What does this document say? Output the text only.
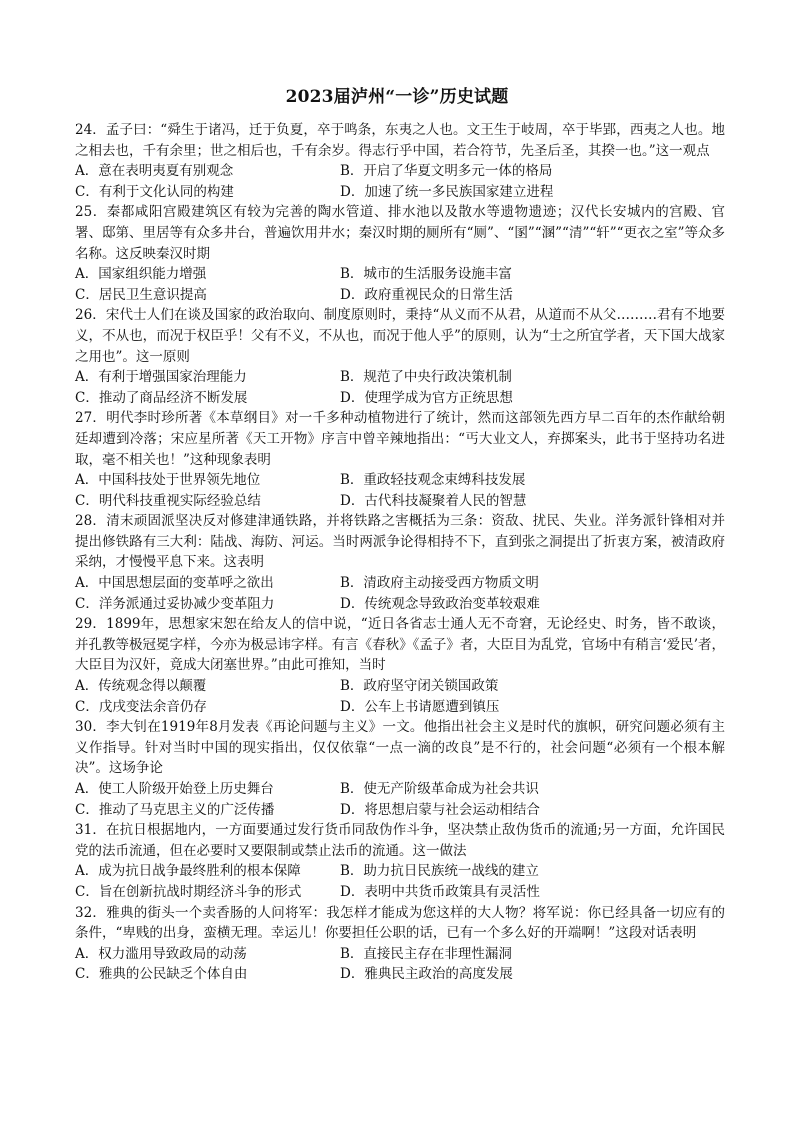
2023届泸州“一诊”历史试题

24．孟子曰：“舜生于诸冯，迁于负夏，卒于鸣条，东夷之人也。文王生于岐周，卒于毕郢，西夷之人也。地之相去也，千有余里；世之相后也，千有余岁。得志行乎中国，若合符节，先圣后圣，其揆一也。”这一观点

A．意在表明夷夏有别观念	B．开启了华夏文明多元一体的格局
C．有利于文化认同的构建	D．加速了统一多民族国家建立进程

25．秦都咸阳宫殿建筑区有较为完善的陶水管道、排水池以及散水等遗物遗迹；汉代长安城内的宫殿、官署、邸第、里居等有众多井台，普遍饮用井水；秦汉时期的厕所有“厕”、“圂”“溷”“清”“轩”“更衣之室”等众多名称。这反映秦汉时期

A．国家组织能力增强	B．城市的生活服务设施丰富
C．居民卫生意识提高	D．政府重视民众的日常生活

26．宋代士人们在谈及国家的政治取向、制度原则时，秉持“从义而不从君，从道而不从父………君有不地要义，不从也，而况于权臣乎！父有不义，不从也，而况于他人乎”的原则，认为“士之所宜学者，天下国大战家之用也”。这一原则

A．有利于增强国家治理能力	B．规范了中央行政决策机制
C．推动了商品经济不断发展	D．使理学成为官方正统思想

27．明代李时珍所著《本草纲目》对一千多种动植物进行了统计，然而这部领先西方早二百年的杰作献给朝廷却遭到冷落；宋应星所著《天工开物》序言中曾辛辣地指出：“丐大业文人，弃掷案头，此书于坚持功名进取，毫不相关也！”这种现象表明

A．中国科技处于世界领先地位	B．重政轻技观念束缚科技发展
C．明代科技重视实际经验总结	D．古代科技凝聚着人民的智慧

28．清末顽固派坚决反对修建津通铁路，并将铁路之害概括为三条：资敌、扰民、失业。洋务派针锋相对并提出修铁路有三大利：陆战、海防、河运。当时两派争论得相持不下，直到张之洞提出了折衷方案，被清政府采纳，才慢慢平息下来。这表明

A．中国思想层面的变革呼之欲出	B．清政府主动接受西方物质文明
C．洋务派通过妥协减少变革阻力	D．传统观念导致政治变革较艰难

29．1899年，思想家宋恕在给友人的信中说，“近日各省志士通人无不奇窘，无论经史、时务，皆不敢谈，并孔教等极冠冕字样，今亦为极忌讳字样。有言《春秋》《孟子》者，大臣目为乱党，官场中有稍言‘爱民’者，大臣目为汉奸，竟成大闭塞世界。”由此可推知，当时

A．传统观念得以颠覆	B．政府坚守闭关锁国政策
C．戊戌变法余音仍存	D．公车上书请愿遭到镇压

30．李大钊在1919年8月发表《再论问题与主义》一文。他指出社会主义是时代的旗帜，研究问题必须有主义作指导。针对当时中国的现实指出，仅仅依靠“一点一滴的改良”是不行的，社会问题“必须有一个根本解决”。这场争论

A．使工人阶级开始登上历史舞台	B．使无产阶级革命成为社会共识
C．推动了马克思主义的广泛传播	D．将思想启蒙与社会运动相结合

31．在抗日根据地内，一方面要通过发行货币同敌伪作斗争，坚决禁止敌伪货币的流通;另一方面，允许国民党的法币流通，但在必要时又要限制或禁止法币的流通。这一做法

A．成为抗日战争最终胜利的根本保障	B．助力抗日民族统一战线的建立
C．旨在创新抗战时期经济斗争的形式	D．表明中共货币政策具有灵活性

32．雅典的街头一个卖香肠的人问将军：我怎样才能成为您这样的大人物？将军说：你已经具备一切应有的条件，“卑贱的出身，蛮横无理。幸运儿！你要担任公职的话，已有一个多么好的开端啊！”这段对话表明

A．权力滥用导致政局的动荡	B．直接民主存在非理性漏洞
C．雅典的公民缺乏个体自由	D．雅典民主政治的高度发展
